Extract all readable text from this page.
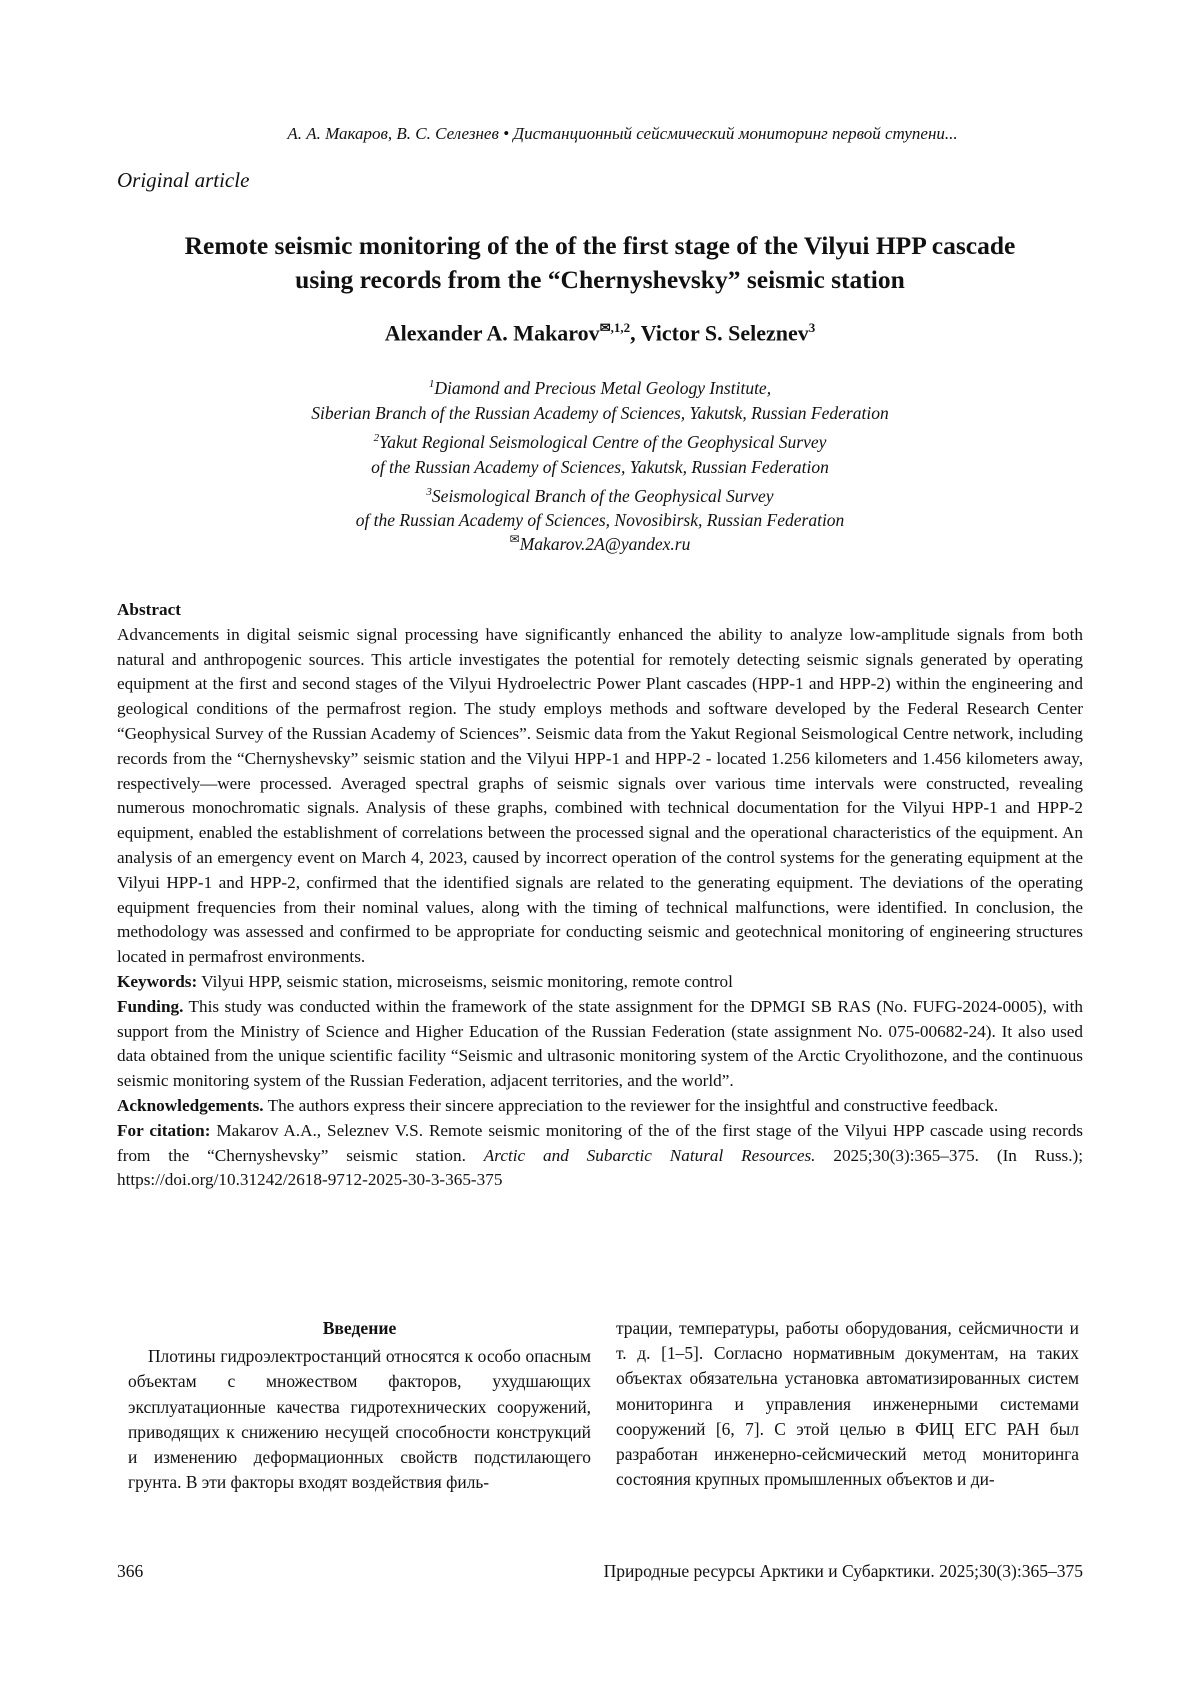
А. А. Макаров, В. С. Селезнев • Дистанционный сейсмический мониторинг первой ступени...
Original article
Remote seismic monitoring of the of the first stage of the Vilyui HPP cascade
using records from the “Chernyshevsky” seismic station
Alexander A. Makarov$^{✉,1,2}$, Victor S. Seleznev$^3$
$^1$Diamond and Precious Metal Geology Institute,
Siberian Branch of the Russian Academy of Sciences, Yakutsk, Russian Federation
$^2$Yakut Regional Seismological Centre of the Geophysical Survey
of the Russian Academy of Sciences, Yakutsk, Russian Federation
$^3$Seismological Branch of the Geophysical Survey
of the Russian Academy of Sciences, Novosibirsk, Russian Federation
✉Makarov.2A@yandex.ru

Abstract

Advancements in digital seismic signal processing have significantly enhanced the ability to analyze low-amplitude signals from both natural and anthropogenic sources. This article investigates the potential for remotely detecting seismic signals generated by operating equipment at the first and second stages of the Vilyui Hydroelectric Power Plant cascades (HPP-1 and HPP-2) within the engineering and geological conditions of the permafrost region. The study employs methods and software developed by the Federal Research Center “Geophysical Survey of the Russian Academy of Sciences”. Seismic data from the Yakut Regional Seismological Centre network, including records from the “Chernyshevsky” seismic station and the Vilyui HPP-1 and HPP-2 - located 1.256 kilometers and 1.456 kilometers away, respectively—were processed. Averaged spectral graphs of seismic signals over various time intervals were constructed, revealing numerous monochromatic signals. Analysis of these graphs, combined with technical documentation for the Vilyui HPP-1 and HPP-2 equipment, enabled the establishment of correlations between the processed signal and the operational characteristics of the equipment. An analysis of an emergency event on March 4, 2023, caused by incorrect operation of the control systems for the generating equipment at the Vilyui HPP-1 and HPP-2, confirmed that the identified signals are related to the generating equipment. The deviations of the operating equipment frequencies from their nominal values, along with the timing of technical malfunctions, were identified. In conclusion, the methodology was assessed and confirmed to be appropriate for conducting seismic and geotechnical monitoring of engineering structures located in permafrost environments.

Keywords: Vilyui HPP, seismic station, microseisms, seismic monitoring, remote control

Funding. This study was conducted within the framework of the state assignment for the DPMGI SB RAS (No. FUFG-2024-0005), with support from the Ministry of Science and Higher Education of the Russian Federation (state assignment No. 075-00682-24). It also used data obtained from the unique scientific facility “Seismic and ultrasonic monitoring system of the Arctic Cryolithozone, and the continuous seismic monitoring system of the Russian Federation, adjacent territories, and the world”.

Acknowledgements. The authors express their sincere appreciation to the reviewer for the insightful and constructive feedback.

For citation: Makarov A.A., Seleznev V.S. Remote seismic monitoring of the of the first stage of the Vilyui HPP cascade using records from the “Chernyshevsky” seismic station. Arctic and Subarctic Natural Resources. 2025;30(3):365–375. (In Russ.); https://doi.org/10.31242/2618-9712-2025-30-3-365-375

Введение

Плотины гидроэлектростанций относятся к особо опасным объектам с множеством факторов, ухудшающих эксплуатационные качества гидротехнических сооружений, приводящих к снижению несущей способности конструкций и изменению деформационных свойств подстилающего грунта. В эти факторы входят воздействия филь-

трации, температуры, работы оборудования, сейсмичности и т. д. [1–5]. Согласно нормативным документам, на таких объектах обязательна установка автоматизированных систем мониторинга и управления инженерными системами сооружений [6, 7]. С этой целью в ФИЦ ЕГС РАН был разработан инженерно-сейсмический метод мониторинга состояния крупных промышленных объектов и ди-

366	Природные ресурсы Арктики и Субарктики. 2025;30(3):365–375
